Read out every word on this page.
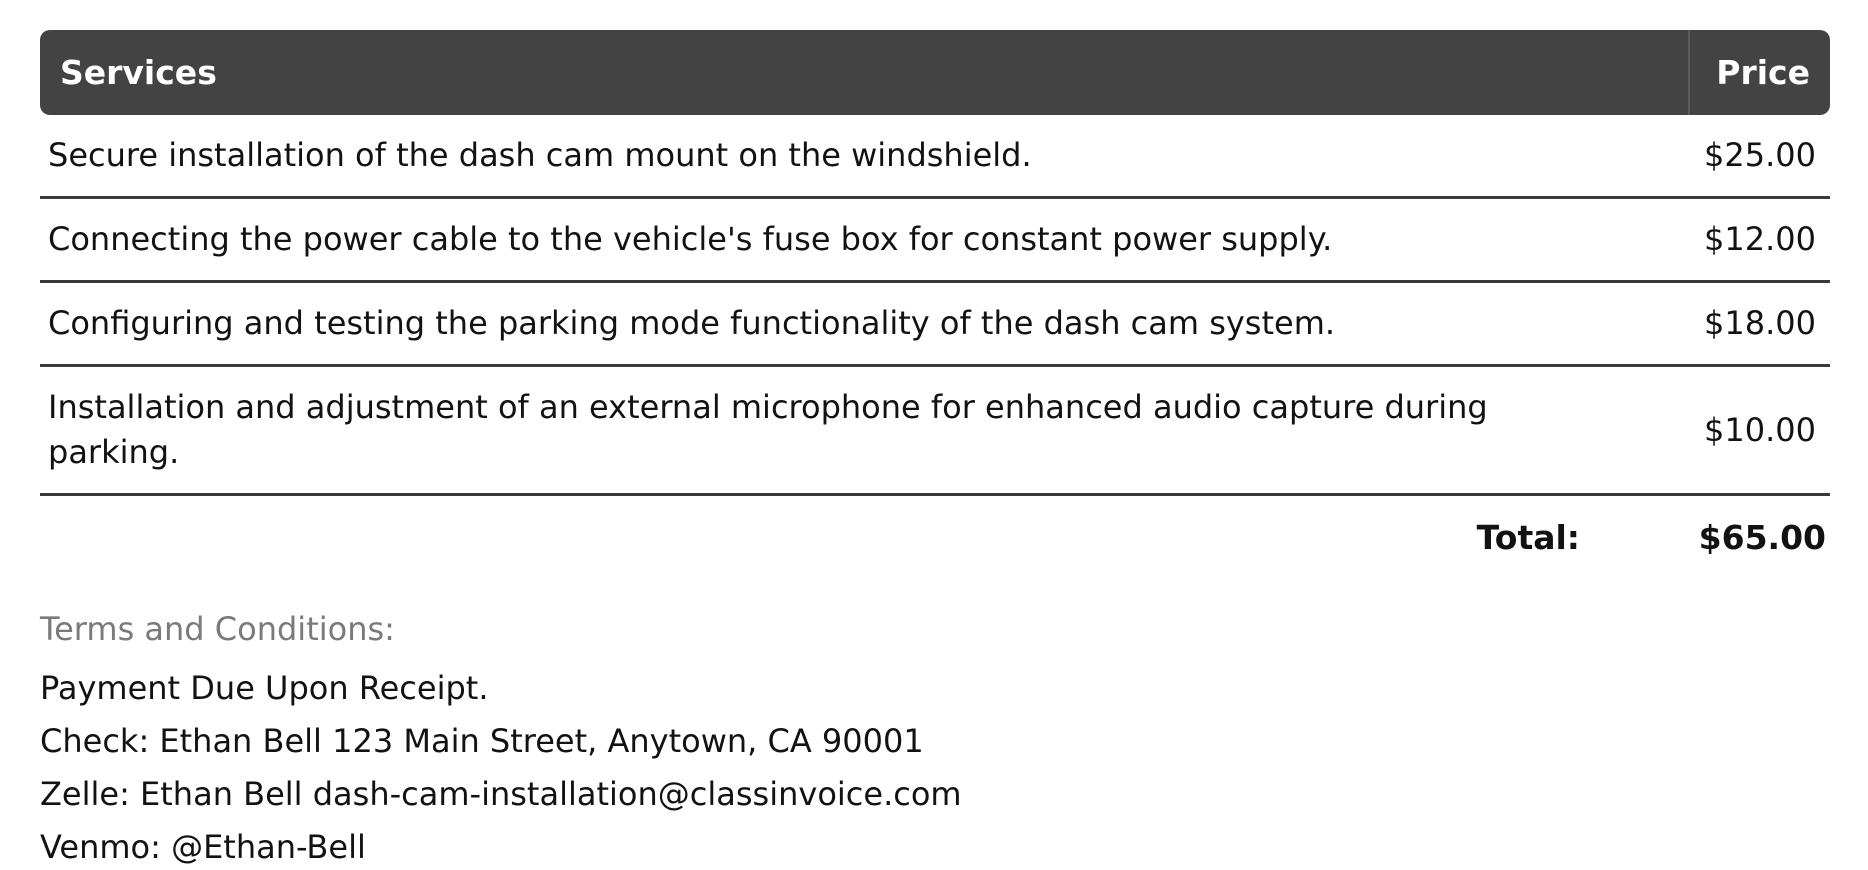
Services	Price

Secure installation of the dash cam mount on the windshield.	$25.00

Connecting the power cable to the vehicle's fuse box for constant power supply.	$12.00

Configuring and testing the parking mode functionality of the dash cam system.	$18.00

Installation and adjustment of an external microphone for enhanced audio capture during parking.	$10.00
Total:	$65.00
Terms and Conditions:
Payment Due Upon Receipt.
Check: Ethan Bell 123 Main Street, Anytown, CA 90001
Zelle: Ethan Bell dash-cam-installation@classinvoice.com
Venmo: @Ethan-Bell
